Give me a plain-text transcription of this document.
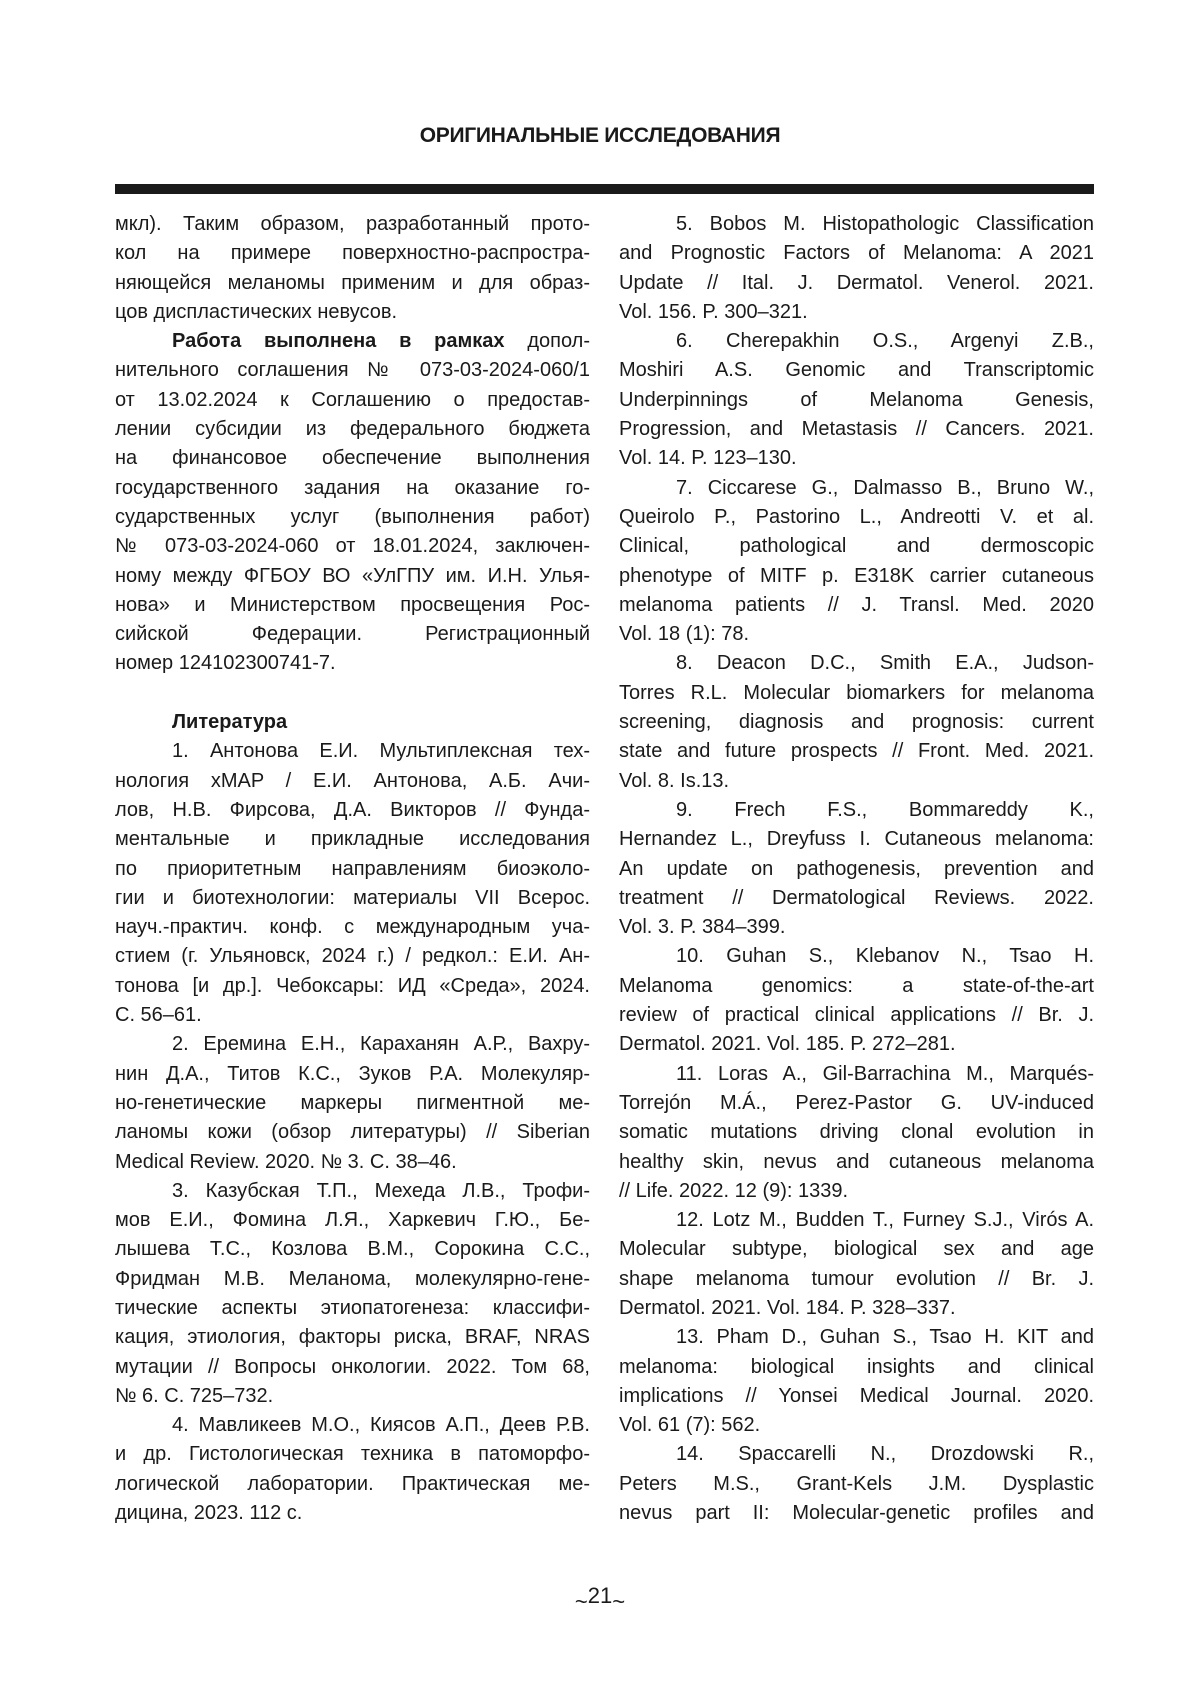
ОРИГИНАЛЬНЫЕ ИССЛЕДОВАНИЯ
мкл). Таким образом, разработанный прото-
кол на примере поверхностно-распростра-
няющейся меланомы применим и для образ-
цов диспластических невусов.
Работа выполнена в рамках допол-
нительного соглашения № 073-03-2024-060/1
от 13.02.2024 к Соглашению о предостав-
лении субсидии из федерального бюджета
на финансовое обеспечение выполнения
государственного задания на оказание го-
сударственных услуг (выполнения работ)
№ 073-03-2024-060 от 18.01.2024, заключен-
ному между ФГБОУ ВО «УлГПУ им. И.Н. Улья-
нова» и Министерством просвещения Рос-
сийской Федерации. Регистрационный
номер 124102300741-7.
Литература
1. Антонова Е.И. Мультиплексная тех-
нология xMAP / Е.И. Антонова, А.Б. Ачи-
лов, Н.В. Фирсова, Д.А. Викторов // Фунда-
ментальные и прикладные исследования
по приоритетным направлениям биоэколо-
гии и биотехнологии: материалы VII Всерос.
науч.-практич. конф. с международным уча-
стием (г. Ульяновск, 2024 г.) / редкол.: Е.И. Ан-
тонова [и др.]. Чебоксары: ИД «Среда», 2024.
С. 56–61.
2. Еремина Е.Н., Караханян А.Р., Вахру-
нин Д.А., Титов К.С., Зуков Р.А. Молекуляр-
но-генетические маркеры пигментной ме-
ланомы кожи (обзор литературы) // Siberian
Medical Review. 2020. № 3. С. 38–46.
3. Казубская Т.П., Мехеда Л.В., Трофи-
мов Е.И., Фомина Л.Я., Харкевич Г.Ю., Бе-
лышева Т.С., Козлова В.М., Сорокина С.С.,
Фридман М.В. Меланома, молекулярно-гене-
тические аспекты этиопатогенеза: классифи-
кация, этиология, факторы риска, BRAF, NRAS
мутации // Вопросы онкологии. 2022. Том 68,
№ 6. С. 725–732.
4. Мавликеев М.О., Киясов А.П., Деев Р.В.
и др. Гистологическая техника в патоморфо-
логической лаборатории. Практическая ме-
дицина, 2023. 112 с.
5. Bobos M. Histopathologic Classification
and Prognostic Factors of Melanoma: A 2021
Update // Ital. J. Dermatol. Venerol. 2021.
Vol. 156. P. 300–321.
6. Cherepakhin O.S., Argenyi Z.B.,
Moshiri A.S. Genomic and Transcriptomic
Underpinnings of Melanoma Genesis,
Progression, and Metastasis // Cancers. 2021.
Vol. 14. P. 123–130.
7. Ciccarese G., Dalmasso B., Bruno W.,
Queirolo P., Pastorino L., Andreotti V. et al.
Clinical, pathological and dermoscopic
phenotype of MITF p. E318K carrier cutaneous
melanoma patients // J. Transl. Med. 2020
Vol. 18 (1): 78.
8. Deacon D.C., Smith E.A., Judson-
Torres R.L. Molecular biomarkers for melanoma
screening, diagnosis and prognosis: current
state and future prospects // Front. Med. 2021.
Vol. 8. Is.13.
9. Frech F.S., Bommareddy K.,
Hernandez L., Dreyfuss I. Cutaneous melanoma:
An update on pathogenesis, prevention and
treatment // Dermatological Reviews. 2022.
Vol. 3. P. 384–399.
10. Guhan S., Klebanov N., Tsao H.
Melanoma genomics: a state-of-the-art
review of practical clinical applications // Br. J.
Dermatol. 2021. Vol. 185. P. 272–281.
11. Loras A., Gil-Barrachina M., Marqués-
Torrejón M.Á., Perez-Pastor G. UV-induced
somatic mutations driving clonal evolution in
healthy skin, nevus and cutaneous melanoma
// Life. 2022. 12 (9): 1339.
12. Lotz M., Budden T., Furney S.J., Virós A.
Molecular subtype, biological sex and age
shape melanoma tumour evolution // Br. J.
Dermatol. 2021. Vol. 184. P. 328–337.
13. Pham D., Guhan S., Tsao H. KIT and
melanoma: biological insights and clinical
implications // Yonsei Medical Journal. 2020.
Vol. 61 (7): 562.
14. Spaccarelli N., Drozdowski R.,
Peters M.S., Grant-Kels J.M. Dysplastic
nevus part II: Molecular-genetic profiles and
~21~
